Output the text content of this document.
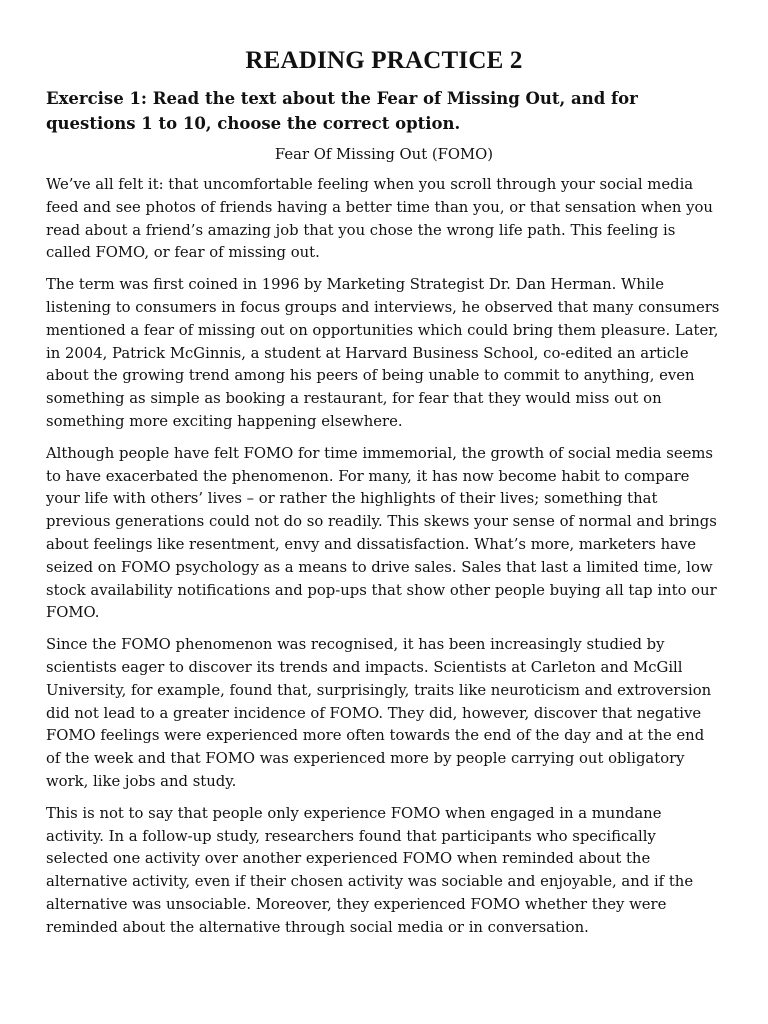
READING PRACTICE 2
Exercise 1: Read the text about the Fear of Missing Out, and for questions 1 to 10, choose the correct option.
Fear Of Missing Out (FOMO)

We’ve all felt it: that uncomfortable feeling when you scroll through your social media feed and see photos of friends having a better time than you, or that sensation when you read about a friend’s amazing job that you chose the wrong life path. This feeling is called FOMO, or fear of missing out.

The term was first coined in 1996 by Marketing Strategist Dr. Dan Herman. While listening to consumers in focus groups and interviews, he observed that many consumers mentioned a fear of missing out on opportunities which could bring them pleasure. Later, in 2004, Patrick McGinnis, a student at Harvard Business School, co-edited an article about the growing trend among his peers of being unable to commit to anything, even something as simple as booking a restaurant, for fear that they would miss out on something more exciting happening elsewhere.

Although people have felt FOMO for time immemorial, the growth of social media seems to have exacerbated the phenomenon. For many, it has now become habit to compare your life with others’ lives – or rather the highlights of their lives; something that previous generations could not do so readily. This skews your sense of normal and brings about feelings like resentment, envy and dissatisfaction. What’s more, marketers have seized on FOMO psychology as a means to drive sales. Sales that last a limited time, low stock availability notifications and pop-ups that show other people buying all tap into our FOMO.

Since the FOMO phenomenon was recognised, it has been increasingly studied by scientists eager to discover its trends and impacts. Scientists at Carleton and McGill University, for example, found that, surprisingly, traits like neuroticism and extroversion did not lead to a greater incidence of FOMO. They did, however, discover that negative FOMO feelings were experienced more often towards the end of the day and at the end of the week and that FOMO was experienced more by people carrying out obligatory work, like jobs and study.

This is not to say that people only experience FOMO when engaged in a mundane activity. In a follow-up study, researchers found that participants who specifically selected one activity over another experienced FOMO when reminded about the alternative activity, even if their chosen activity was sociable and enjoyable, and if the alternative was unsociable. Moreover, they experienced FOMO whether they were reminded about the alternative through social media or in conversation.
